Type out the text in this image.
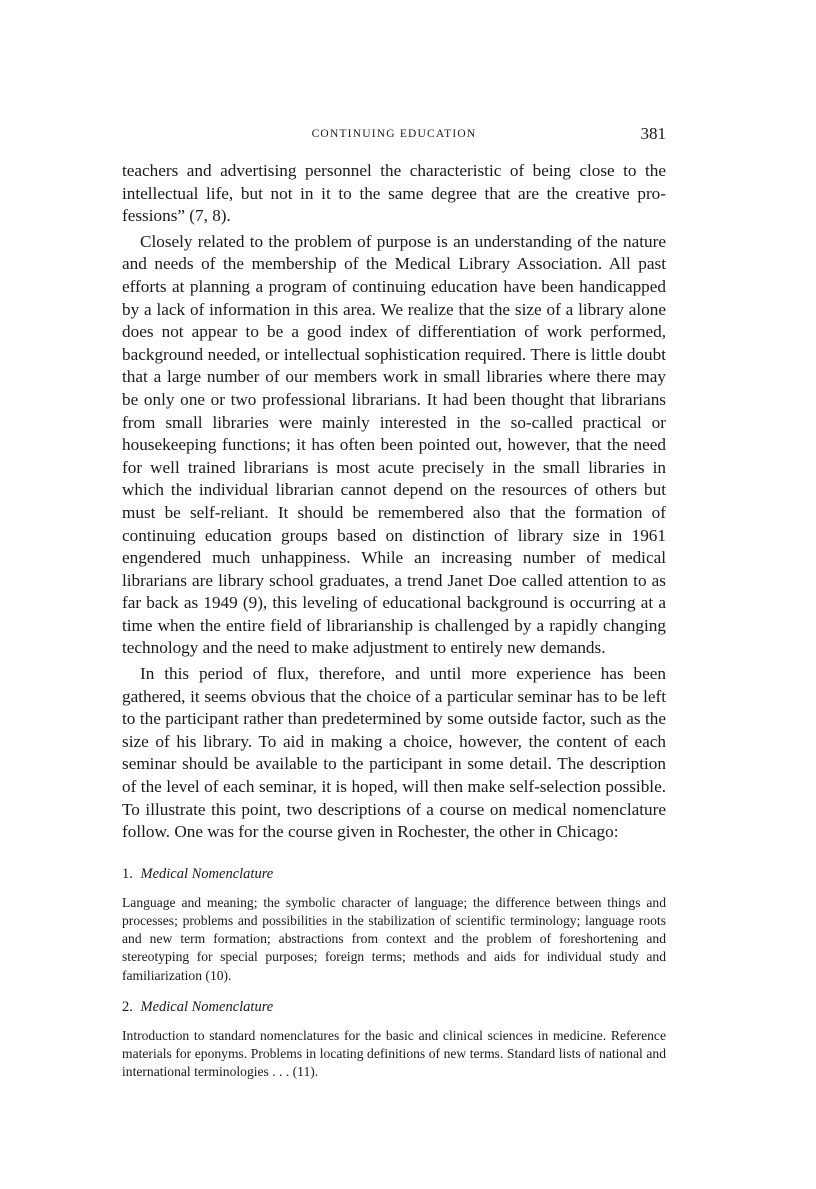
CONTINUING EDUCATION	381

teachers and advertising personnel the characteristic of being close to the intellectual life, but not in it to the same degree that are the creative professions” (7, 8).

Closely related to the problem of purpose is an understanding of the nature and needs of the membership of the Medical Library Association. All past efforts at planning a program of continuing education have been handicapped by a lack of information in this area. We realize that the size of a library alone does not appear to be a good index of differentiation of work performed, background needed, or intellectual sophistication required. There is little doubt that a large number of our members work in small libraries where there may be only one or two professional librarians. It had been thought that librarians from small libraries were mainly interested in the so-called practical or housekeeping functions; it has often been pointed out, however, that the need for well trained librarians is most acute precisely in the small libraries in which the individual librarian cannot depend on the resources of others but must be self-reliant. It should be remembered also that the formation of continuing education groups based on distinction of library size in 1961 engendered much unhappiness. While an increasing number of medical librarians are library school graduates, a trend Janet Doe called attention to as far back as 1949 (9), this leveling of educational background is occurring at a time when the entire field of librarianship is challenged by a rapidly changing technology and the need to make adjustment to entirely new demands.

In this period of flux, therefore, and until more experience has been gathered, it seems obvious that the choice of a particular seminar has to be left to the participant rather than predetermined by some outside factor, such as the size of his library. To aid in making a choice, however, the content of each seminar should be available to the participant in some detail. The description of the level of each seminar, it is hoped, will then make self-selection possible. To illustrate this point, two descriptions of a course on medical nomenclature follow. One was for the course given in Rochester, the other in Chicago:

1. Medical Nomenclature

Language and meaning; the symbolic character of language; the difference between things and processes; problems and possibilities in the stabilization of scientific terminology; language roots and new term formation; abstractions from context and the problem of foreshortening and stereotyping for special purposes; foreign terms; methods and aids for individual study and familiarization (10).

2. Medical Nomenclature

Introduction to standard nomenclatures for the basic and clinical sciences in medicine. Reference materials for eponyms. Problems in locating definitions of new terms. Standard lists of national and international terminologies . . . (11).
